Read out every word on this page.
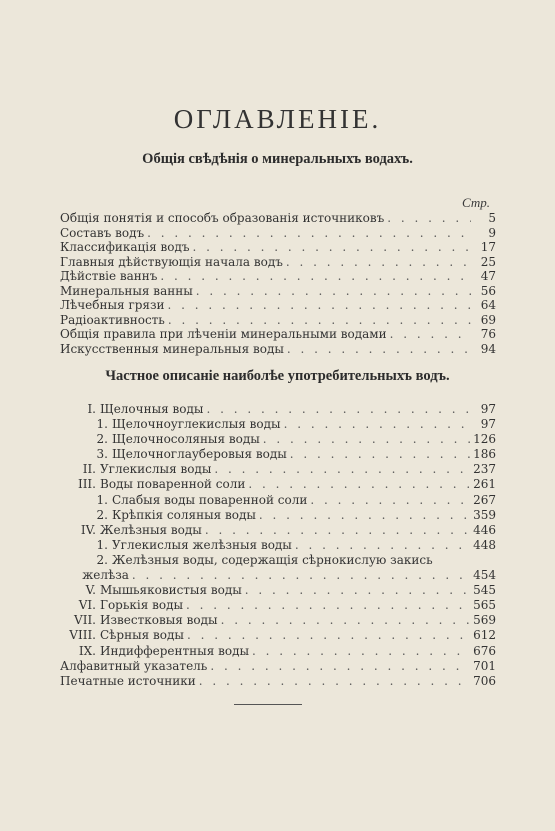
ОГЛАВЛЕНІЕ.
Общія свѣдѣнія о минеральныхъ водахъ.
Стр.
Общія понятія и способъ образованія источниковъ . . .	5
Составъ водъ . . .	9
Классификація водъ . . .	17
Главныя дѣйствующія начала водъ . . .	25
Дѣйствіе ваннъ . . .	47
Минеральныя ванны . . .	56
Лѣчебныя грязи . . .	64
Радіоактивность . . .	69
Общія правила при лѣченіи минеральными водами . . .	76
Искусственныя минеральныя воды . . .	94
Частное описаніе наиболѣе употребительныхъ водъ.
I. Щелочныя воды . . .	97
1. Щелочноуглекислыя воды . . .	97
2. Щелочносоляныя воды . . .	126
3. Щелочноглауберовыя воды . . .	186
II. Углекислыя воды . . .	237
III. Воды поваренной соли . . .	261
1. Слабыя воды поваренной соли . . .	267
2. Крѣпкія соляныя воды . . .	359
IV. Желѣзныя воды . . .	446
1. Углекислыя желѣзныя воды . . .	448
2. Желѣзныя воды, содержащія сѣрнокислую закись
желѣза . . .	454
V. Мышьяковистыя воды . . .	545
VI. Горькія воды . . .	565
VII. Известковыя воды . . .	569
VIII. Сѣрныя воды . . .	612
IX. Индифферентныя воды . . .	676
Алфавитный указатель . . .	701
Печатные источники . . .	706
